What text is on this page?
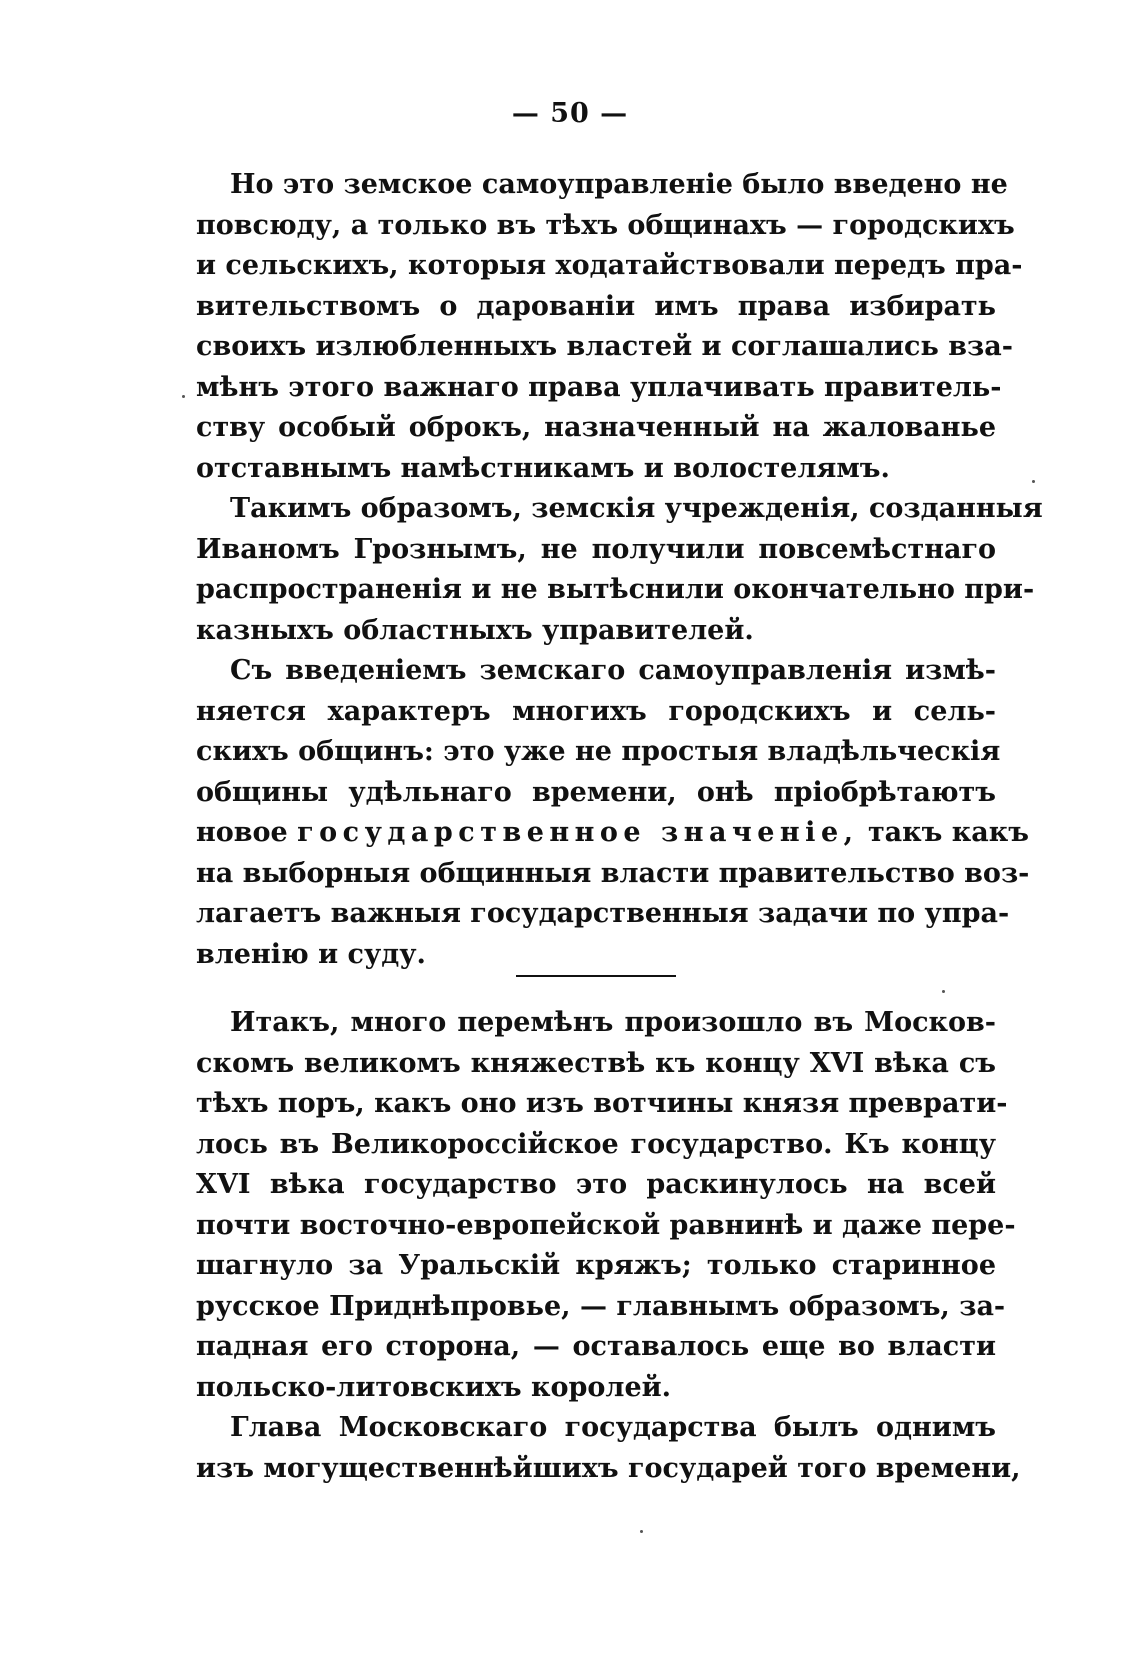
— 50 —
Но это земское самоуправленіе было введено не
повсюду, а только въ тѣхъ общинахъ — городскихъ
и сельскихъ, которыя ходатайствовали передъ пра-
вительствомъ о дарованіи имъ права избирать
своихъ излюбленныхъ властей и соглашались вза-
мѣнъ этого важнаго права уплачивать правитель-
ству особый оброкъ, назначенный на жалованье
отставнымъ намѣстникамъ и волостелямъ.
Такимъ образомъ, земскія учрежденія, созданныя
Иваномъ Грознымъ, не получили повсемѣстнаго
распространенія и не вытѣснили окончательно при-
казныхъ областныхъ управителей.
Съ введеніемъ земскаго самоуправленія измѣ-
няется характеръ многихъ городскихъ и сель-
скихъ общинъ: это уже не простыя владѣльческія
общины удѣльнаго времени, онѣ пріобрѣтаютъ
новое государственное значеніе, такъ какъ
на выборныя общинныя власти правительство воз-
лагаетъ важныя государственныя задачи по упра-
вленію и суду.
Итакъ, много перемѣнъ произошло въ Москов-
скомъ великомъ княжествѣ къ концу XVI вѣка съ
тѣхъ поръ, какъ оно изъ вотчины князя преврати-
лось въ Великороссійское государство. Къ концу
XVI вѣка государство это раскинулось на всей
почти восточно-европейской равнинѣ и даже пере-
шагнуло за Уральскій кряжъ; только старинное
русское Приднѣпровье, — главнымъ образомъ, за-
падная его сторона, — оставалось еще во власти
польско-литовскихъ королей.
Глава Московскаго государства былъ однимъ
изъ могущественнѣйшихъ государей того времени,
